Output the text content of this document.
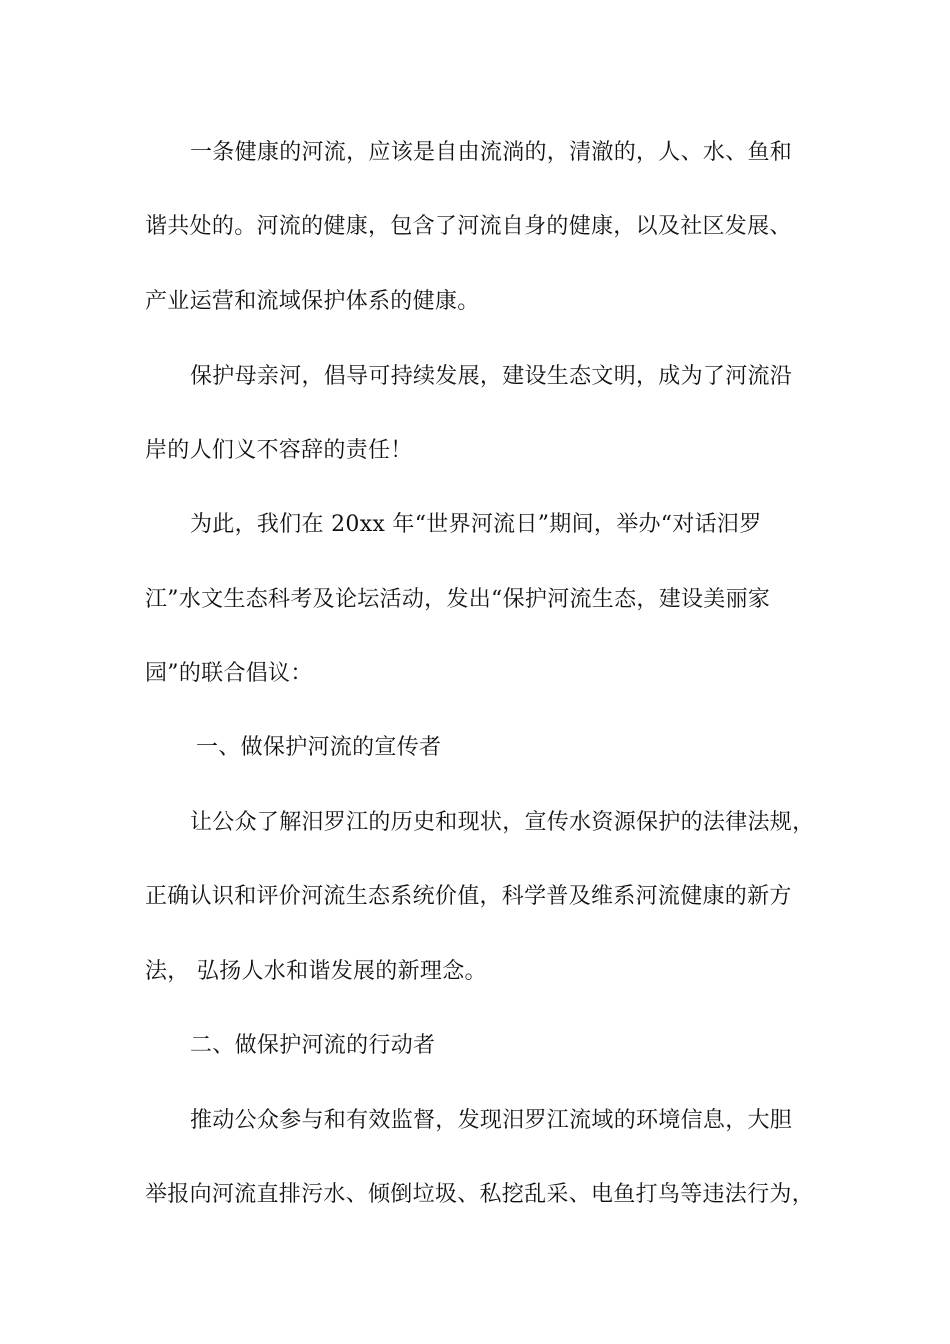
一条健康的河流，应该是自由流淌的，清澈的，人、水、鱼和
谐共处的。河流的健康，包含了河流自身的健康，以及社区发展、
产业运营和流域保护体系的健康。
保护母亲河，倡导可持续发展，建设生态文明，成为了河流沿
岸的人们义不容辞的责任！
为此，我们在 20xx 年“世界河流日”期间，举办“对话汨罗
江”水文生态科考及论坛活动，发出“保护河流生态，建设美丽家
园”的联合倡议：
一、做保护河流的宣传者
让公众了解汨罗江的历史和现状，宣传水资源保护的法律法规，
正确认识和评价河流生态系统价值，科学普及维系河流健康的新方
法， 弘扬人水和谐发展的新理念。
二、做保护河流的行动者
推动公众参与和有效监督，发现汨罗江流域的环境信息，大胆
举报向河流直排污水、倾倒垃圾、私挖乱采、电鱼打鸟等违法行为，
